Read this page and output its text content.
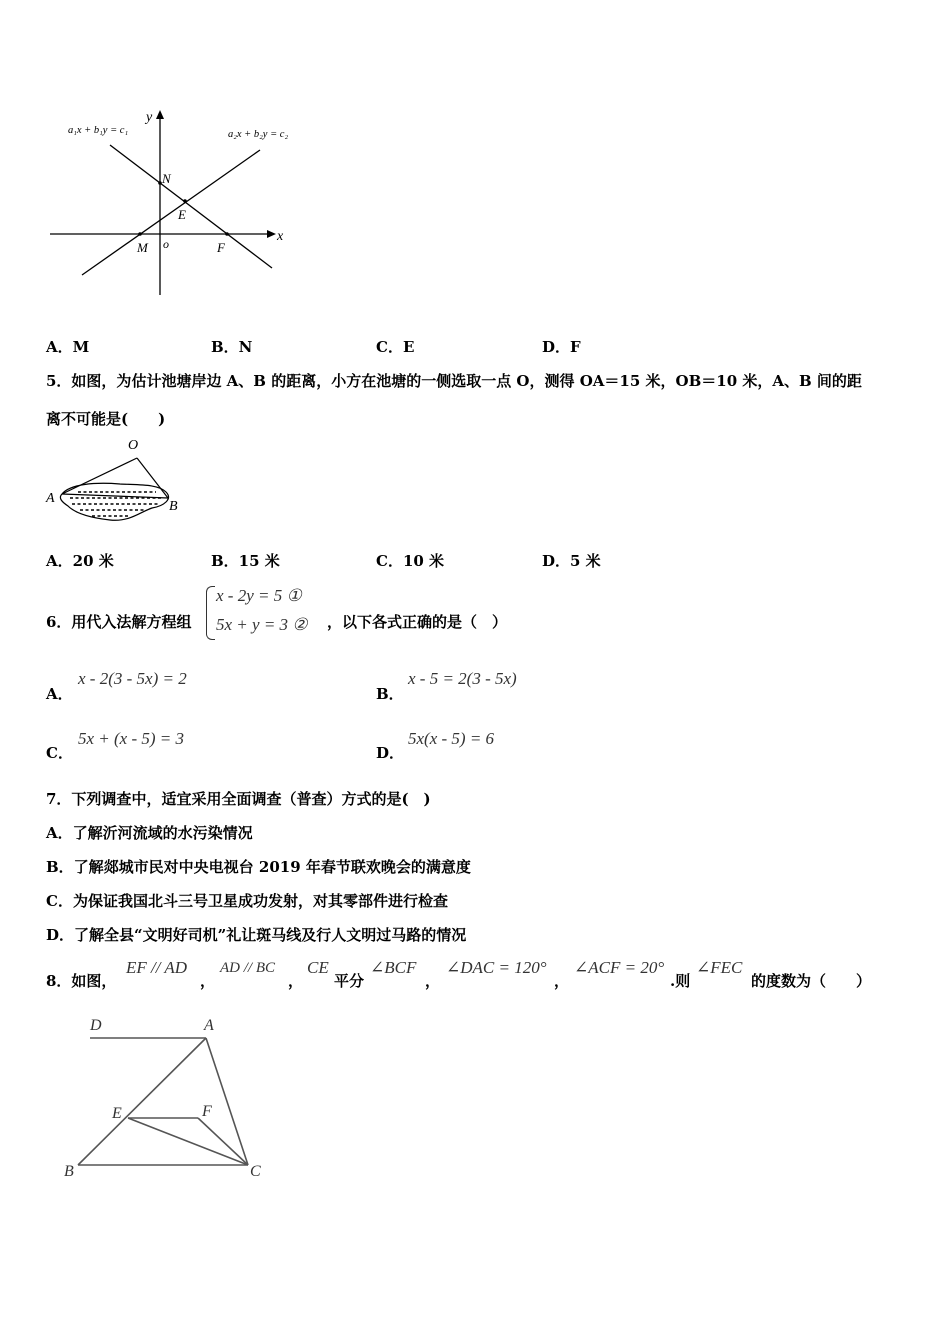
a₁x + b₁y = c₁	a₂x + b₂y = c₂
y
x
N
E
M o	F
A．M	B．N	C．E	D．F
5．如图，为估计池塘岸边 A、B 的距离，小方在池塘的一侧选取一点 O，测得 OA＝15 米，OB＝10 米，A、B 间的距
离不可能是(　　)
O
A
B
A．20 米	B．15 米	C．10 米	D．5 米
6．用代入法解方程组
x - 2y = 5 ①
5x + y = 3 ② ，以下各式正确的是（　）
A．
x - 2(3 - 5x) = 2
B．
x - 5 = 2(3 - 5x)
C．
5x + (x - 5) = 3
D．
5x(x - 5) = 6
7．下列调查中，适宜采用全面调查（普查）方式的是(　)
A．了解沂河流域的水污染情况
B．了解郯城市民对中央电视台 2019 年春节联欢晚会的满意度
C．为保证我国北斗三号卫星成功发射，对其零部件进行检查
D．了解全县“文明好司机”礼让斑马线及行人文明过马路的情况
8．如图，
EF // AD
，
AD // BC
，
CE
平分
∠BCF
，
∠DAC = 120°
，
∠ACF = 20°
.则
∠FEC
的度数为（　　）
D	A
E	F
B	C
